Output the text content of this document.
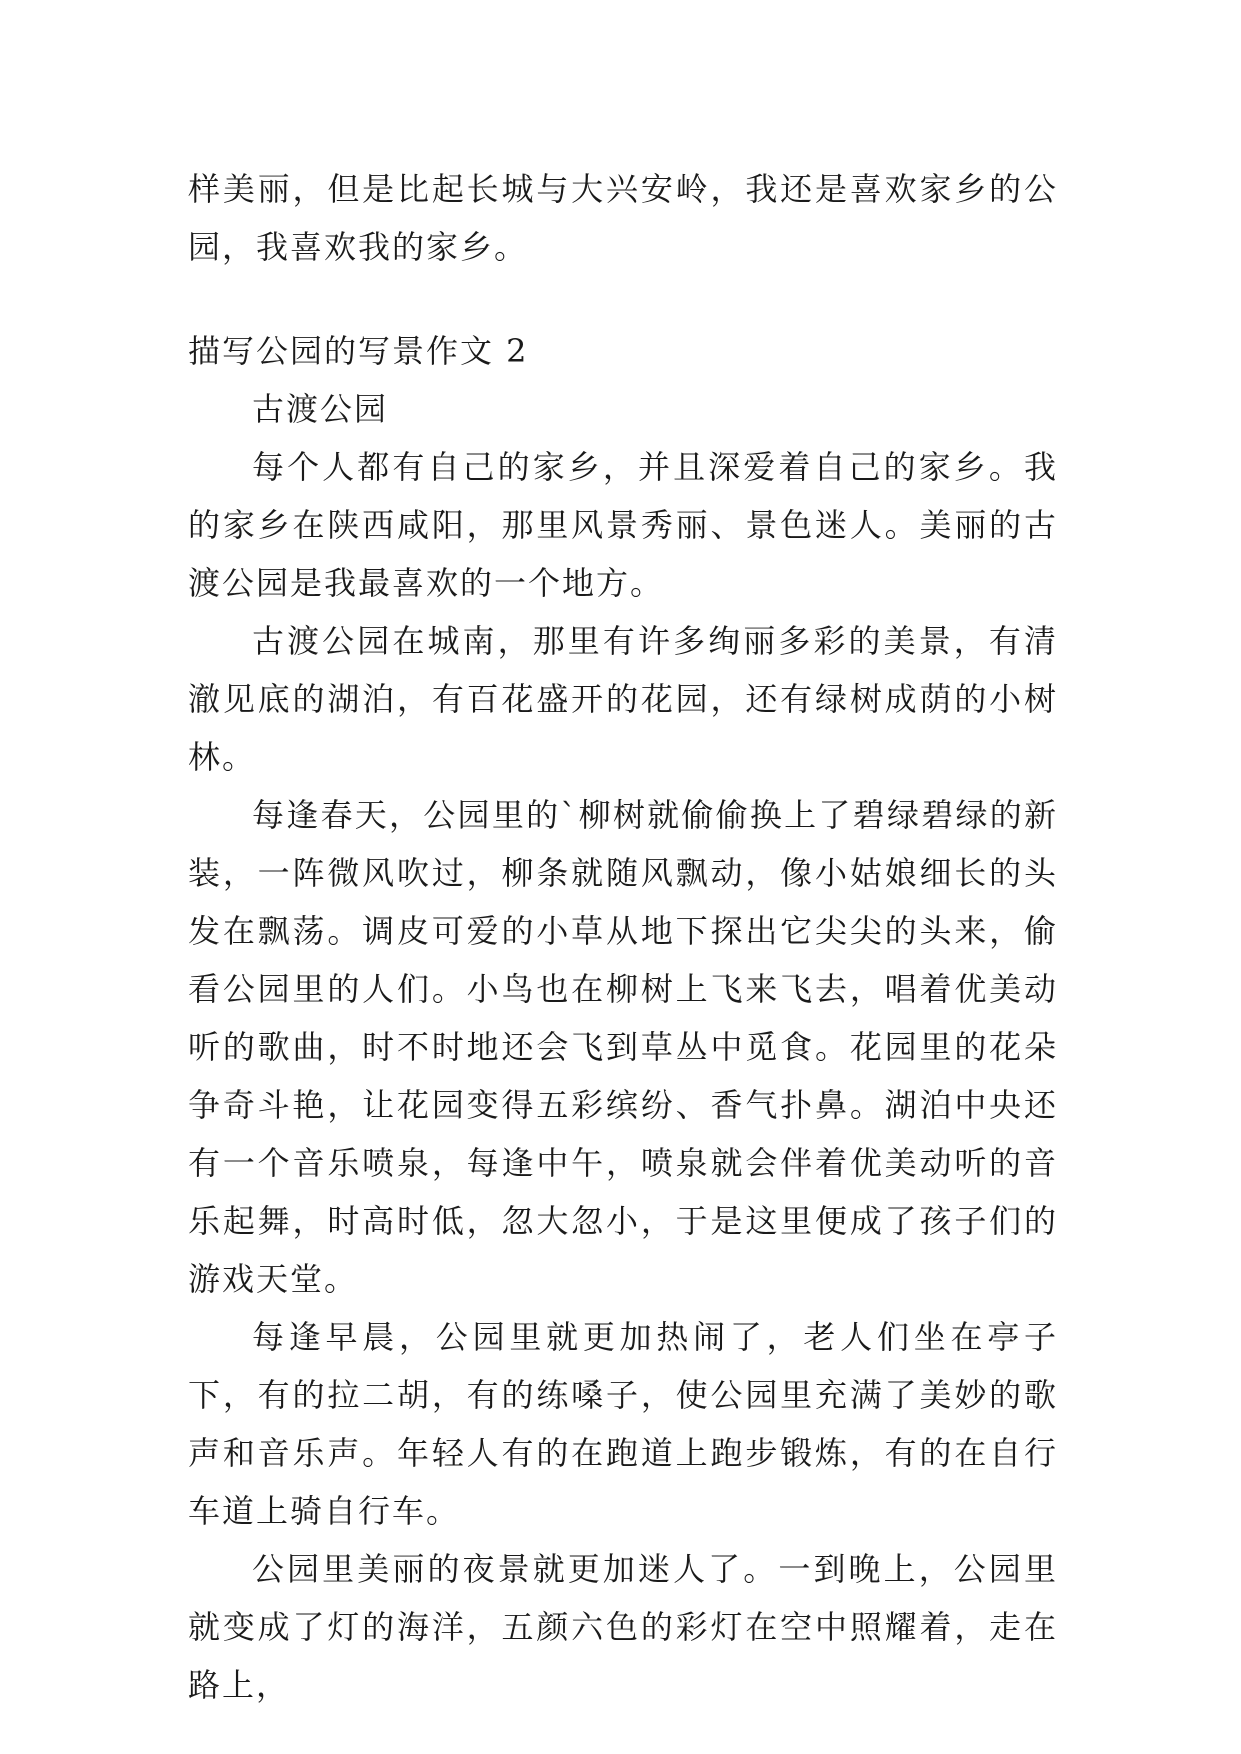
样美丽，但是比起长城与大兴安岭，我还是喜欢家乡的公园，我喜欢我的家乡。

描写公园的写景作文 2

古渡公园

每个人都有自己的家乡，并且深爱着自己的家乡。我的家乡在陕西咸阳，那里风景秀丽、景色迷人。美丽的古渡公园是我最喜欢的一个地方。

古渡公园在城南，那里有许多绚丽多彩的美景，有清澈见底的湖泊，有百花盛开的花园，还有绿树成荫的小树林。

每逢春天，公园里的`柳树就偷偷换上了碧绿碧绿的新装，一阵微风吹过，柳条就随风飘动，像小姑娘细长的头发在飘荡。调皮可爱的小草从地下探出它尖尖的头来，偷看公园里的人们。小鸟也在柳树上飞来飞去，唱着优美动听的歌曲，时不时地还会飞到草丛中觅食。花园里的花朵争奇斗艳，让花园变得五彩缤纷、香气扑鼻。湖泊中央还有一个音乐喷泉，每逢中午，喷泉就会伴着优美动听的音乐起舞，时高时低，忽大忽小，于是这里便成了孩子们的游戏天堂。

每逢早晨，公园里就更加热闹了，老人们坐在亭子下，有的拉二胡，有的练嗓子，使公园里充满了美妙的歌声和音乐声。年轻人有的在跑道上跑步锻炼，有的在自行车道上骑自行车。

公园里美丽的夜景就更加迷人了。一到晚上，公园里就变成了灯的海洋，五颜六色的彩灯在空中照耀着，走在路上，
